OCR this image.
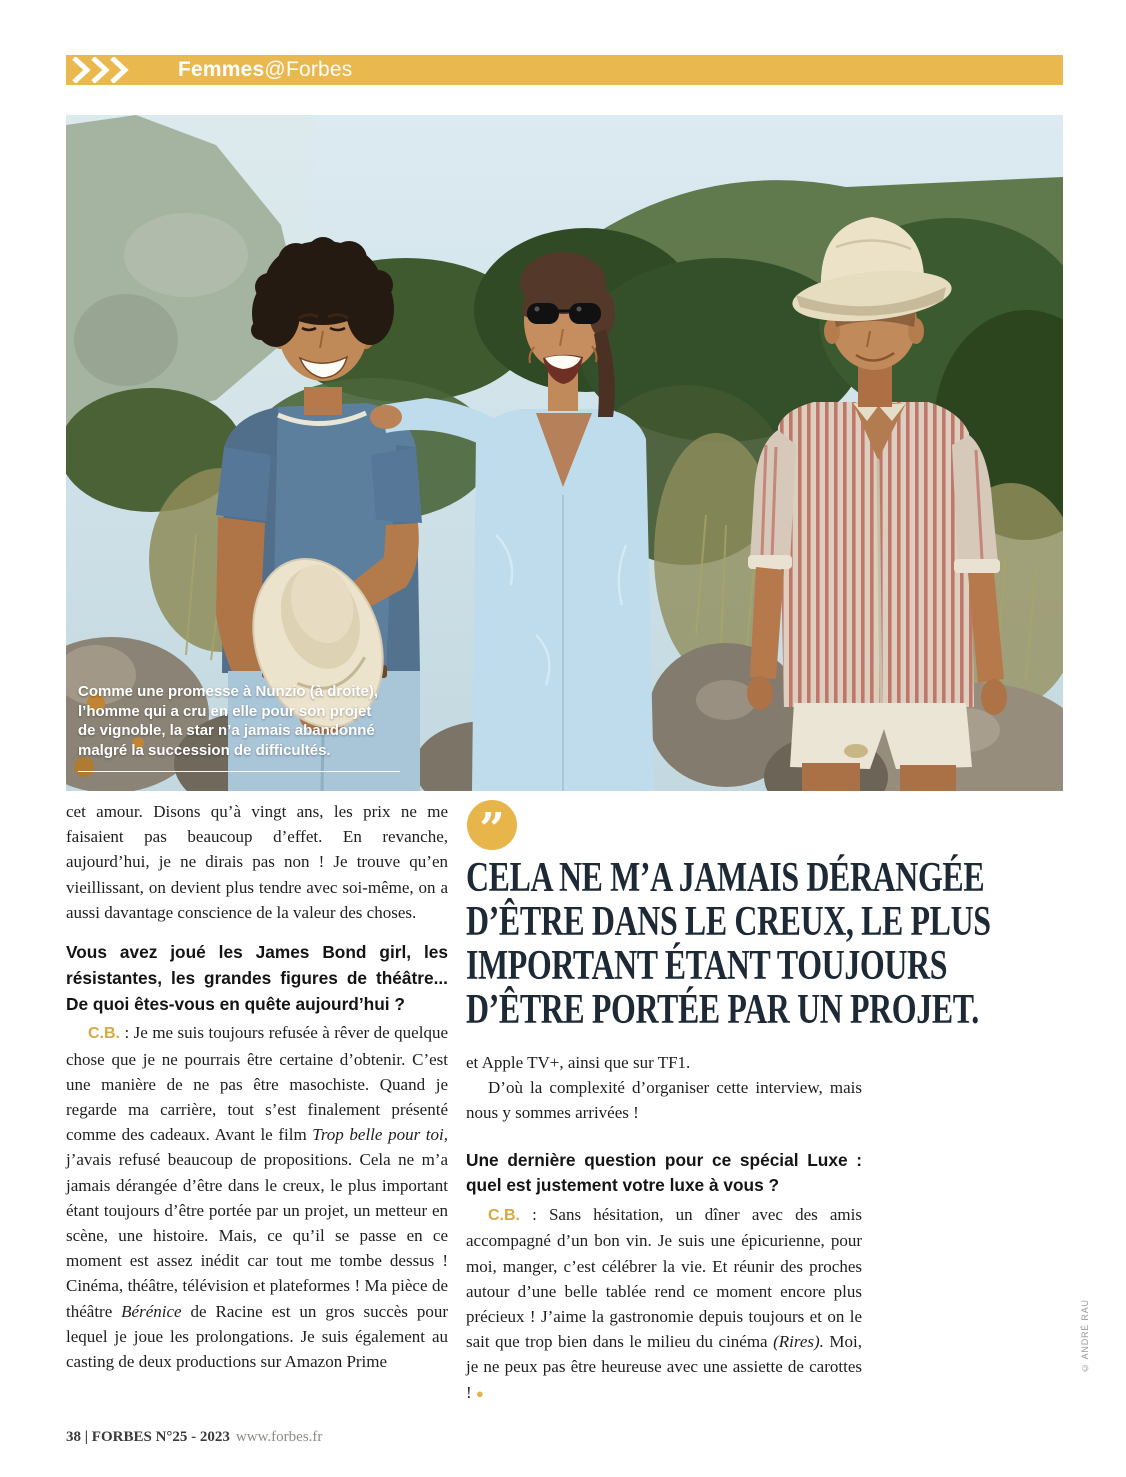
Femmes@Forbes
Comme une promesse à Nunzio (à droite),
l’homme qui a cru en elle pour son projet
de vignoble, la star n’a jamais abandonné
malgré la succession de difficultés.

cet amour. Disons qu’à vingt ans, les prix ne me faisaient pas beaucoup d’effet. En revanche, aujourd’hui, je ne dirais pas non ! Je trouve qu’en vieillissant, on devient plus tendre avec soi-même, on a aussi davantage conscience de la valeur des choses.

Vous avez joué les James Bond girl, les résistantes, les grandes figures de théâtre... De quoi êtes-vous en quête aujourd’hui ?

C.B. : Je me suis toujours refusée à rêver de quelque chose que je ne pourrais être certaine d’obtenir. C’est une manière de ne pas être masochiste. Quand je regarde ma carrière, tout s’est finalement présenté comme des cadeaux. Avant le film Trop belle pour toi, j’avais refusé beaucoup de propositions. Cela ne m’a jamais dérangée d’être dans le creux, le plus important étant toujours d’être portée par un projet, un metteur en scène, une histoire. Mais, ce qu’il se passe en ce moment est assez inédit car tout me tombe dessus ! Cinéma, théâtre, télévision et plateformes ! Ma pièce de théâtre Bérénice de Racine est un gros succès pour lequel je joue les prolongations. Je suis également au casting de deux productions sur Amazon Prime

”
CELA NE M’A JAMAIS DÉRANGÉE
D’ÊTRE DANS LE CREUX, LE PLUS
IMPORTANT ÉTANT TOUJOURS
D’ÊTRE PORTÉE PAR UN PROJET.

et Apple TV+, ainsi que sur TF1.

D’où la complexité d’organiser cette interview, mais nous y sommes arrivées !

Une dernière question pour ce spécial Luxe : quel est justement votre luxe à vous ?

C.B. : Sans hésitation, un dîner avec des amis accompagné d’un bon vin. Je suis une épicurienne, pour moi, manger, c’est célébrer la vie. Et réunir des proches autour d’une belle tablée rend ce moment encore plus précieux ! J’aime la gastronomie depuis toujours et on le sait que trop bien dans le milieu du cinéma (Rires). Moi, je ne peux pas être heureuse avec une assiette de carottes ! ●

38 | FORBES N°25 - 2023 www.forbes.fr
© ANDRÉ RAU
